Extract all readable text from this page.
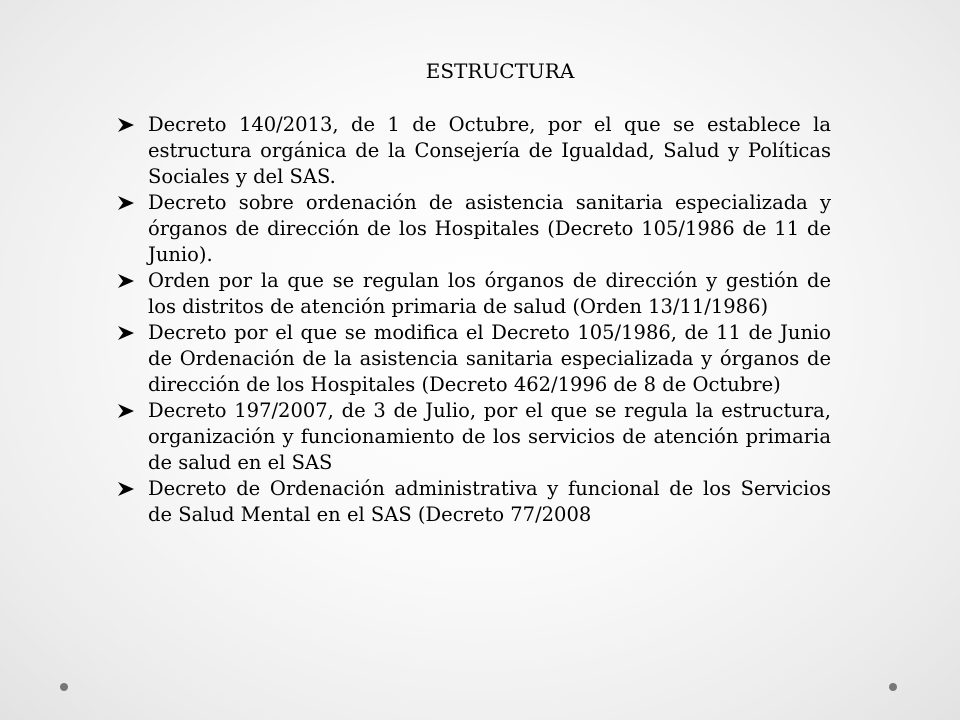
ESTRUCTURA
Decreto 140/2013, de 1 de Octubre, por el que se establece la estructura orgánica de la Consejería de Igualdad, Salud y Políticas Sociales y del SAS.
Decreto sobre ordenación de asistencia sanitaria especializada y órganos de dirección de los Hospitales (Decreto 105/1986 de 11 de Junio).
Orden por la que se regulan los órganos de dirección y gestión de los distritos de atención primaria de salud (Orden 13/11/1986)
Decreto por el que se modifica el Decreto 105/1986, de 11 de Junio de Ordenación de la asistencia sanitaria especializada y órganos de dirección de los Hospitales (Decreto 462/1996 de 8 de Octubre)
Decreto 197/2007, de 3 de Julio, por el que se regula la estructura, organización y funcionamiento de los servicios de atención primaria de salud en el SAS
Decreto de Ordenación administrativa y funcional de los Servicios de Salud Mental en el SAS (Decreto 77/2008
